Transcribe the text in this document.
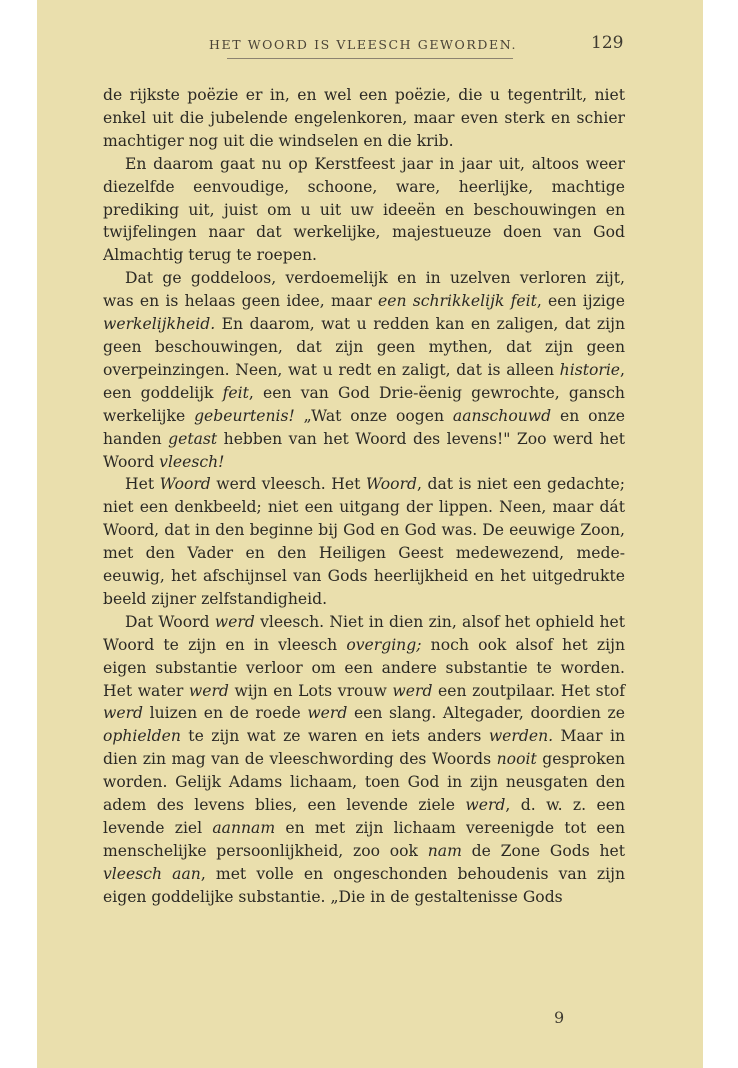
HET WOORD IS VLEESCH GEWORDEN.	129

de rijkste poëzie er in, en wel een poëzie, die u tegentrilt, niet enkel uit die jubelende engelenkoren, maar even sterk en schier machtiger nog uit die windselen en die krib.

En daarom gaat nu op Kerstfeest jaar in jaar uit, altoos weer diezelfde eenvoudige, schoone, ware, heerlijke, machtige prediking uit, juist om u uit uw ideeën en beschouwingen en twijfelingen naar dat werkelijke, majestueuze doen van God Almachtig terug te roepen.

Dat ge goddeloos, verdoemelijk en in uzelven verloren zijt, was en is helaas geen idee, maar een schrikkelijk feit, een ijzige werkelijkheid. En daarom, wat u redden kan en zaligen, dat zijn geen beschouwingen, dat zijn geen mythen, dat zijn geen overpeinzingen. Neen, wat u redt en zaligt, dat is alleen historie, een goddelijk feit, een van God Drie-ëenig gewrochte, gansch werkelijke gebeurtenis! „Wat onze oogen aanschouwd en onze handen getast hebben van het Woord des levens!" Zoo werd het Woord vleesch!

Het Woord werd vleesch. Het Woord, dat is niet een gedachte; niet een denkbeeld; niet een uitgang der lippen. Neen, maar dát Woord, dat in den beginne bij God en God was. De eeuwige Zoon, met den Vader en den Heiligen Geest medewezend, mede-eeuwig, het afschijnsel van Gods heerlijkheid en het uitgedrukte beeld zijner zelfstandigheid.

Dat Woord werd vleesch. Niet in dien zin, alsof het ophield het Woord te zijn en in vleesch overging; noch ook alsof het zijn eigen substantie verloor om een andere substantie te worden. Het water werd wijn en Lots vrouw werd een zoutpilaar. Het stof werd luizen en de roede werd een slang. Altegader, doordien ze ophielden te zijn wat ze waren en iets anders werden. Maar in dien zin mag van de vleeschwording des Woords nooit gesproken worden. Gelijk Adams lichaam, toen God in zijn neusgaten den adem des levens blies, een levende ziele werd, d. w. z. een levende ziel aannam en met zijn lichaam vereenigde tot een menschelijke persoonlijkheid, zoo ook nam de Zone Gods het vleesch aan, met volle en ongeschonden behoudenis van zijn eigen goddelijke substantie. „Die in de gestaltenisse Gods

9
